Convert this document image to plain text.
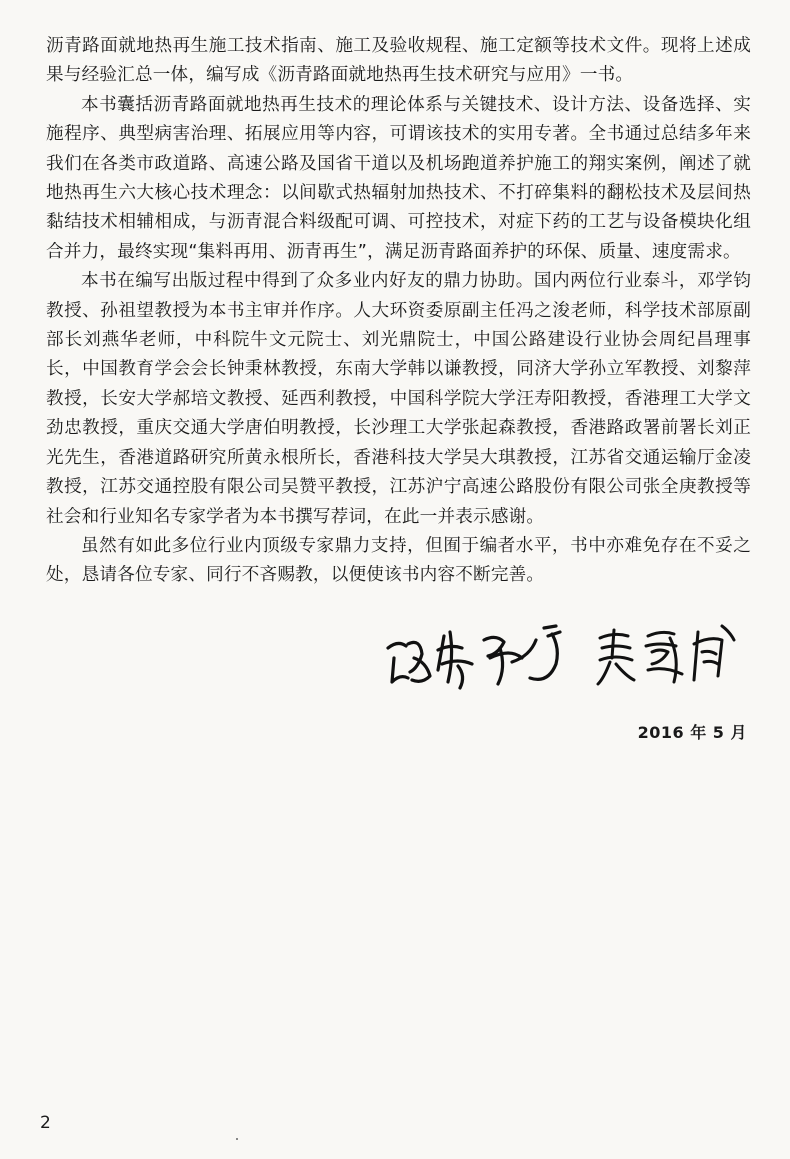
沥青路面就地热再生施工技术指南、施工及验收规程、施工定额等技术文件。现将上述成果与经验汇总一体，编写成《沥青路面就地热再生技术研究与应用》一书。

本书囊括沥青路面就地热再生技术的理论体系与关键技术、设计方法、设备选择、实施程序、典型病害治理、拓展应用等内容，可谓该技术的实用专著。全书通过总结多年来我们在各类市政道路、高速公路及国省干道以及机场跑道养护施工的翔实案例，阐述了就地热再生六大核心技术理念：以间歇式热辐射加热技术、不打碎集料的翻松技术及层间热黏结技术相辅相成，与沥青混合料级配可调、可控技术，对症下药的工艺与设备模块化组合并力，最终实现“集料再用、沥青再生”，满足沥青路面养护的环保、质量、速度需求。

本书在编写出版过程中得到了众多业内好友的鼎力协助。国内两位行业泰斗，邓学钧教授、孙祖望教授为本书主审并作序。人大环资委原副主任冯之浚老师，科学技术部原副部长刘燕华老师，中科院牛文元院士、刘光鼎院士，中国公路建设行业协会周纪昌理事长，中国教育学会会长钟秉林教授，东南大学韩以谦教授，同济大学孙立军教授、刘黎萍教授，长安大学郝培文教授、延西利教授，中国科学院大学汪寿阳教授，香港理工大学文劲忠教授，重庆交通大学唐伯明教授，长沙理工大学张起森教授，香港路政署前署长刘正光先生，香港道路研究所黄永根所长，香港科技大学吴大琪教授，江苏省交通运输厅金凌教授，江苏交通控股有限公司吴赞平教授，江苏沪宁高速公路股份有限公司张全庚教授等社会和行业知名专家学者为本书撰写荐词，在此一并表示感谢。

虽然有如此多位行业内顶级专家鼎力支持，但囿于编者水平，书中亦难免存在不妥之处，恳请各位专家、同行不吝赐教，以便使该书内容不断完善。

2016 年 5 月
2
